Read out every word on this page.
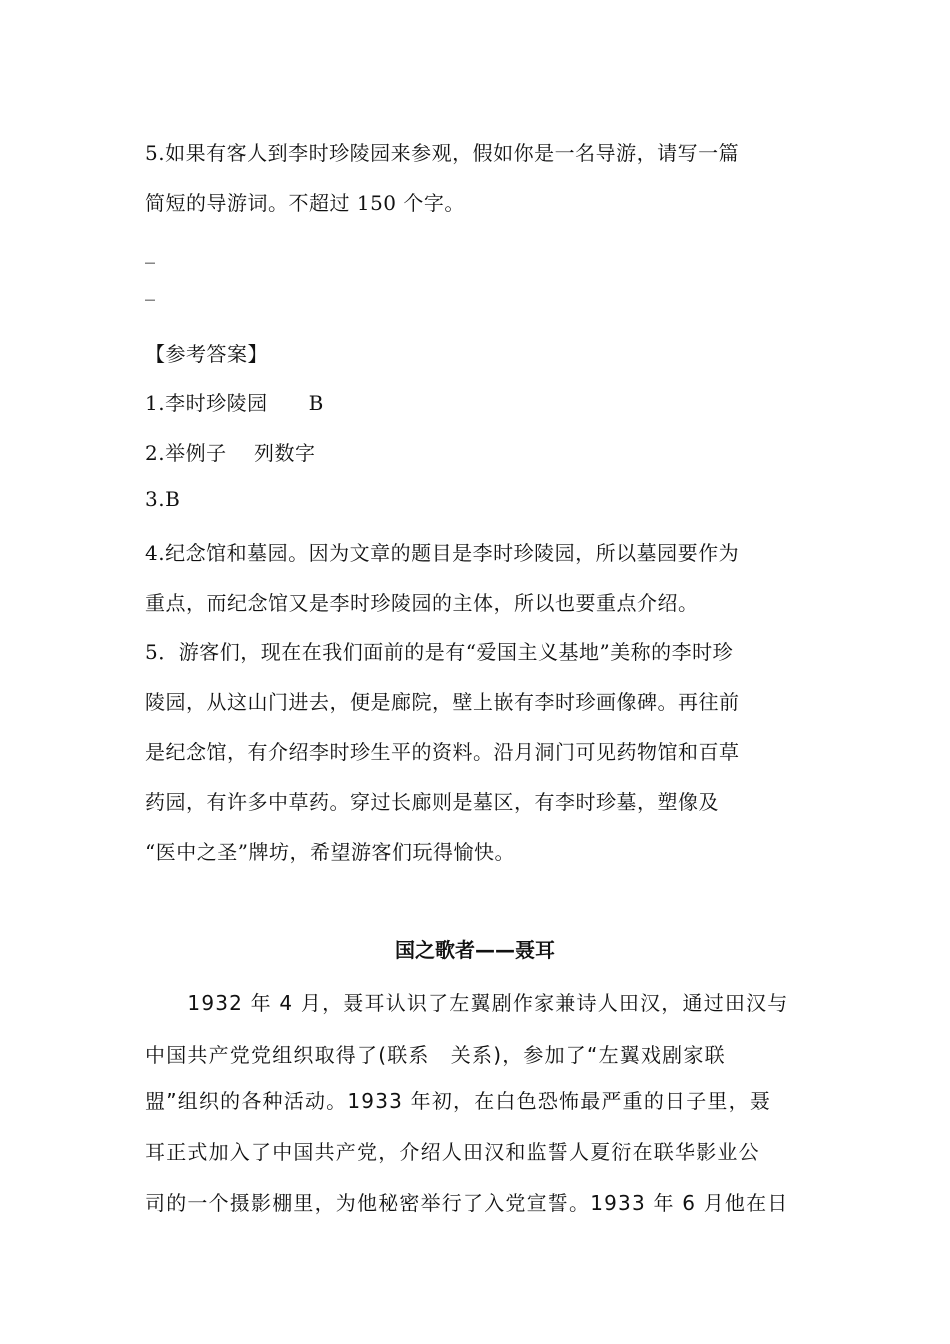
5.如果有客人到李时珍陵园来参观，假如你是一名导游，请写一篇
简短的导游词。不超过 150 个字。
_
_
【参考答案】
1.李时珍陵园　　B
2.举例子　 列数字
3.B
4.纪念馆和墓园。因为文章的题目是李时珍陵园，所以墓园要作为
重点，而纪念馆又是李时珍陵园的主体，所以也要重点介绍。
5．游客们，现在在我们面前的是有“爱国主义基地”美称的李时珍
陵园，从这山门进去，便是廊院，壁上嵌有李时珍画像碑。再往前
是纪念馆，有介绍李时珍生平的资料。沿月洞门可见药物馆和百草
药园，有许多中草药。穿过长廊则是墓区，有李时珍墓，塑像及
“医中之圣”牌坊，希望游客们玩得愉快。
国之歌者——聂耳
　　1932 年 4 月，聂耳认识了左翼剧作家兼诗人田汉，通过田汉与
中国共产党党组织取得了(联系　关系)，参加了“左翼戏剧家联
盟”组织的各种活动。1933 年初，在白色恐怖最严重的日子里，聂
耳正式加入了中国共产党，介绍人田汉和监誓人夏衍在联华影业公
司的一个摄影棚里，为他秘密举行了入党宣誓。1933 年 6 月他在日
